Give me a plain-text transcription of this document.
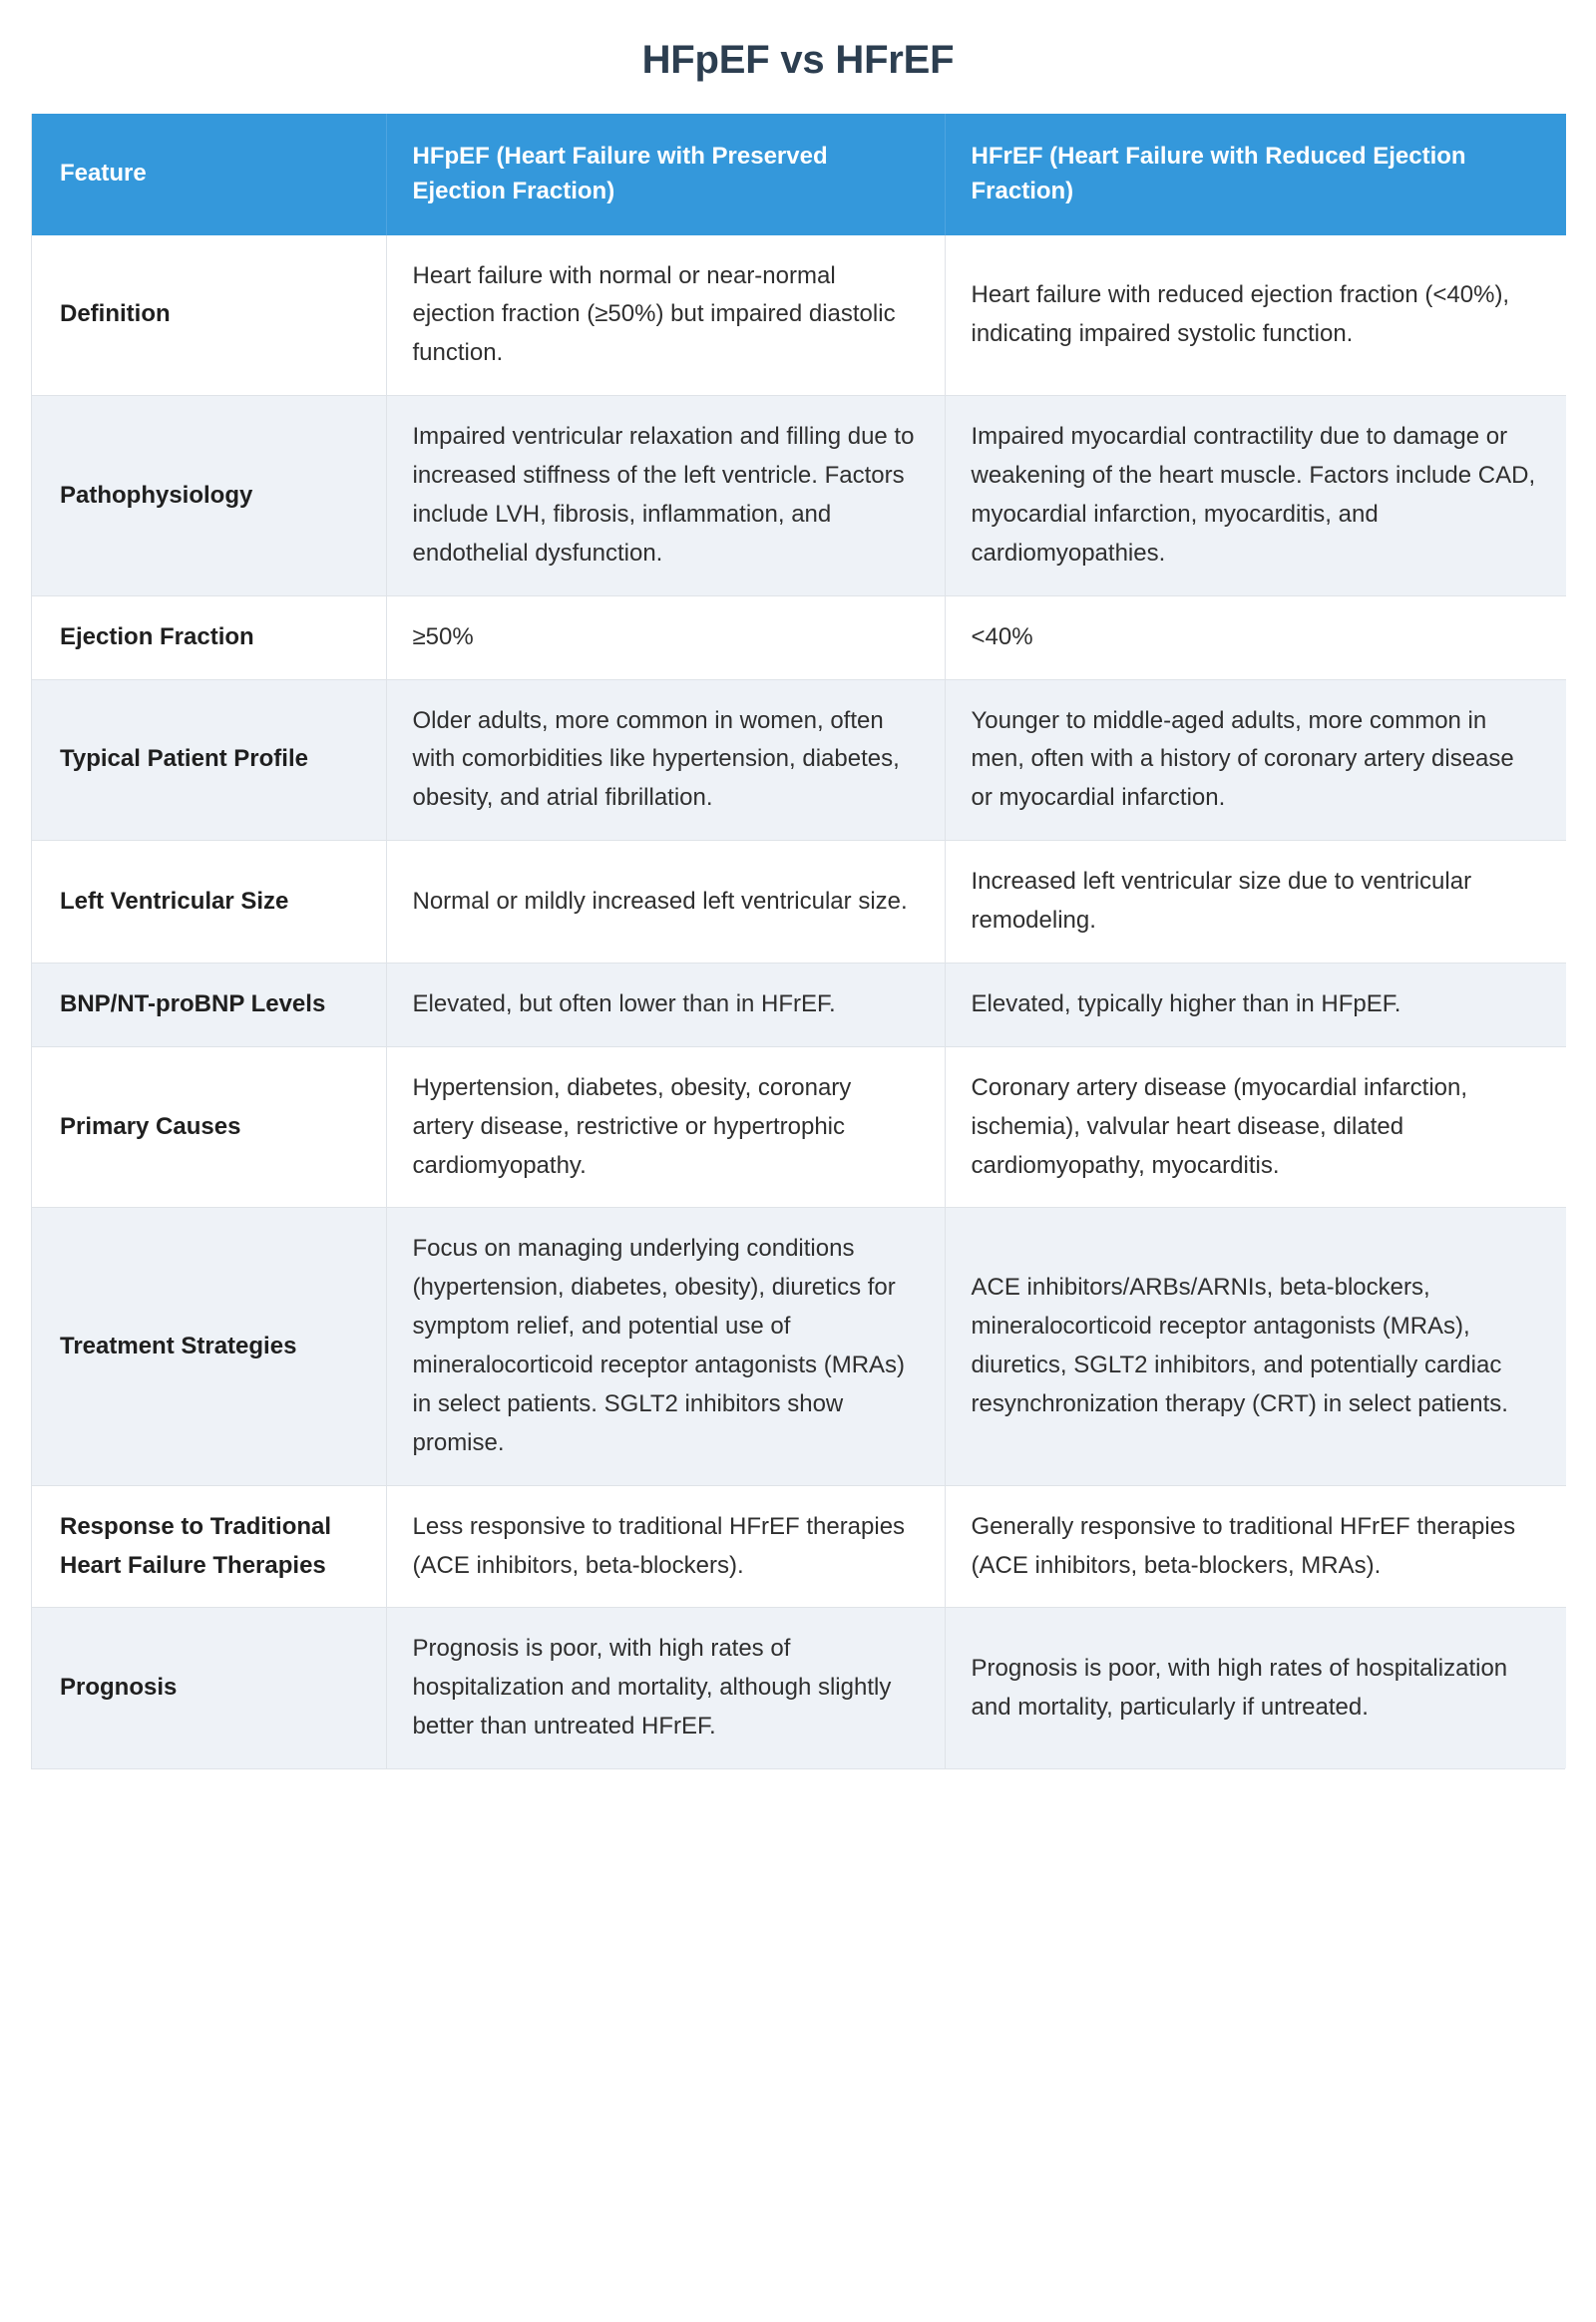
HFpEF vs HFrEF
Feature	HFpEF (Heart Failure with Preserved Ejection Fraction)	HFrEF (Heart Failure with Reduced Ejection Fraction)
Definition	Heart failure with normal or near-normal ejection fraction (≥50%) but impaired diastolic function.	Heart failure with reduced ejection fraction (<40%), indicating impaired systolic function.
Pathophysiology	Impaired ventricular relaxation and filling due to increased stiffness of the left ventricle. Factors include LVH, fibrosis, inflammation, and endothelial dysfunction.	Impaired myocardial contractility due to damage or weakening of the heart muscle. Factors include CAD, myocardial infarction, myocarditis, and cardiomyopathies.
Ejection Fraction	≥50%	<40%
Typical Patient Profile	Older adults, more common in women, often with comorbidities like hypertension, diabetes, obesity, and atrial fibrillation.	Younger to middle-aged adults, more common in men, often with a history of coronary artery disease or myocardial infarction.
Left Ventricular Size	Normal or mildly increased left ventricular size.	Increased left ventricular size due to ventricular remodeling.
BNP/NT-proBNP Levels	Elevated, but often lower than in HFrEF.	Elevated, typically higher than in HFpEF.
Primary Causes	Hypertension, diabetes, obesity, coronary artery disease, restrictive or hypertrophic cardiomyopathy.	Coronary artery disease (myocardial infarction, ischemia), valvular heart disease, dilated cardiomyopathy, myocarditis.
Treatment Strategies	Focus on managing underlying conditions (hypertension, diabetes, obesity), diuretics for symptom relief, and potential use of mineralocorticoid receptor antagonists (MRAs) in select patients. SGLT2 inhibitors show promise.	ACE inhibitors/ARBs/ARNIs, beta-blockers, mineralocorticoid receptor antagonists (MRAs), diuretics, SGLT2 inhibitors, and potentially cardiac resynchronization therapy (CRT) in select patients.
Response to Traditional Heart Failure Therapies	Less responsive to traditional HFrEF therapies (ACE inhibitors, beta-blockers).	Generally responsive to traditional HFrEF therapies (ACE inhibitors, beta-blockers, MRAs).
Prognosis	Prognosis is poor, with high rates of hospitalization and mortality, although slightly better than untreated HFrEF.	Prognosis is poor, with high rates of hospitalization and mortality, particularly if untreated.
